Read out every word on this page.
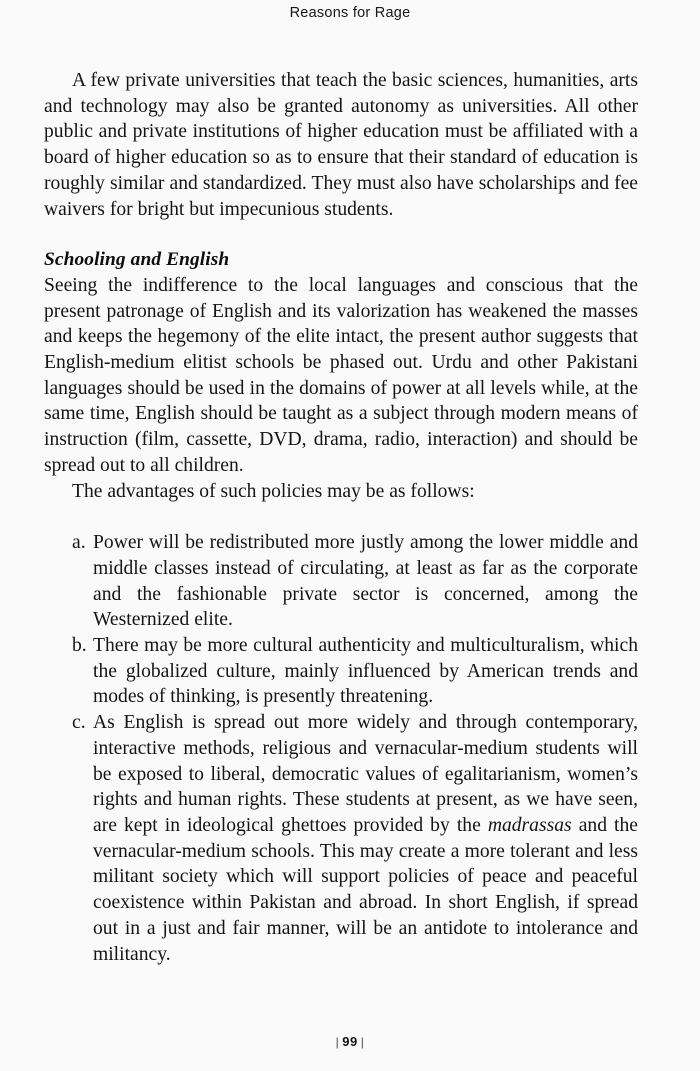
Reasons for Rage

A few private universities that teach the basic sciences, humanities, arts and technology may also be granted autonomy as universities. All other public and private institutions of higher education must be affiliated with a board of higher education so as to ensure that their standard of education is roughly similar and standardized. They must also have scholarships and fee waivers for bright but impecunious students.

Schooling and English

Seeing the indifference to the local languages and conscious that the present patronage of English and its valorization has weakened the masses and keeps the hegemony of the elite intact, the present author suggests that English-medium elitist schools be phased out. Urdu and other Pakistani languages should be used in the domains of power at all levels while, at the same time, English should be taught as a subject through modern means of instruction (film, cassette, DVD, drama, radio, interaction) and should be spread out to all children.

The advantages of such policies may be as follows:

a. Power will be redistributed more justly among the lower middle and middle classes instead of circulating, at least as far as the corporate and the fashionable private sector is concerned, among the Westernized elite.
b. There may be more cultural authenticity and multiculturalism, which the globalized culture, mainly influenced by American trends and modes of thinking, is presently threatening.
c. As English is spread out more widely and through contemporary, interactive methods, religious and vernacular-medium students will be exposed to liberal, democratic values of egalitarianism, women’s rights and human rights. These students at present, as we have seen, are kept in ideological ghettoes provided by the madrassas and the vernacular-medium schools. This may create a more tolerant and less militant society which will support policies of peace and peaceful coexistence within Pakistan and abroad. In short English, if spread out in a just and fair manner, will be an antidote to intolerance and militancy.
| 99 |
